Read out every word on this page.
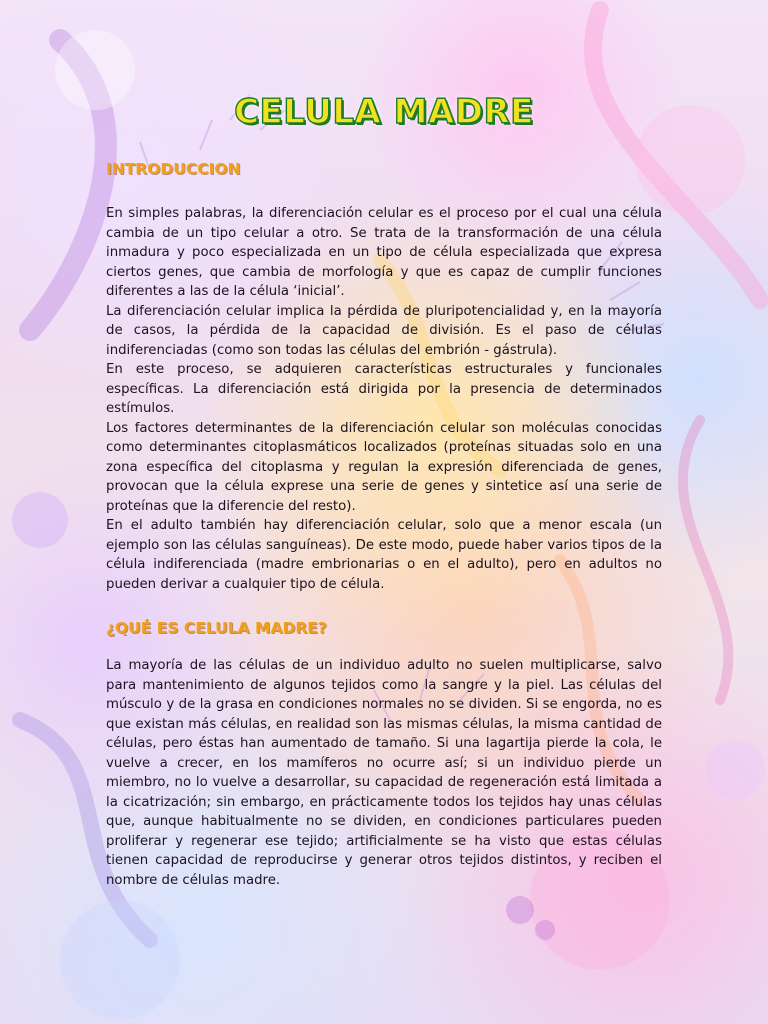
CELULA MADRE
INTRODUCCION

En simples palabras, la diferenciación celular es el proceso por el cual una célula cambia de un tipo celular a otro. Se trata de la transformación de una célula inmadura y poco especializada en un tipo de célula especializada que expresa ciertos genes, que cambia de morfología y que es capaz de cumplir funciones diferentes a las de la célula ‘inicial’.

La diferenciación celular implica la pérdida de pluripotencialidad y, en la mayoría de casos, la pérdida de la capacidad de división. Es el paso de células indiferenciadas (como son todas las células del embrión - gástrula).

En este proceso, se adquieren características estructurales y funcionales específicas. La diferenciación está dirigida por la presencia de determinados estímulos.

Los factores determinantes de la diferenciación celular son moléculas conocidas como determinantes citoplasmáticos localizados (proteínas situadas solo en una zona específica del citoplasma y regulan la expresión diferenciada de genes, provocan que la célula exprese una serie de genes y sintetice así una serie de proteínas que la diferencie del resto).

En el adulto también hay diferenciación celular, solo que a menor escala (un ejemplo son las células sanguíneas). De este modo, puede haber varios tipos de la célula indiferenciada (madre embrionarias o en el adulto), pero en adultos no pueden derivar a cualquier tipo de célula.

¿QUÉ ES CELULA MADRE?

La mayoría de las células de un individuo adulto no suelen multiplicarse, salvo para mantenimiento de algunos tejidos como la sangre y la piel. Las células del músculo y de la grasa en condiciones normales no se dividen. Si se engorda, no es que existan más células, en realidad son las mismas células, la misma cantidad de células, pero éstas han aumentado de tamaño. Si una lagartija pierde la cola, le vuelve a crecer, en los mamíferos no ocurre así; si un individuo pierde un miembro, no lo vuelve a desarrollar, su capacidad de regeneración está limitada a la cicatrización; sin embargo, en prácticamente todos los tejidos hay unas células que, aunque habitualmente no se dividen, en condiciones particulares pueden proliferar y regenerar ese tejido; artificialmente se ha visto que estas células tienen capacidad de reproducirse y generar otros tejidos distintos, y reciben el nombre de células madre.
